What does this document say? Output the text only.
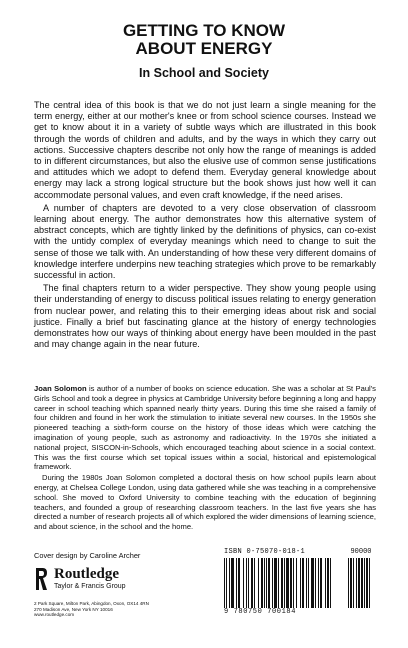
GETTING TO KNOW
ABOUT ENERGY
In School and Society

The central idea of this book is that we do not just learn a single meaning for the term energy, either at our mother's knee or from school science courses. Instead we get to know about it in a variety of subtle ways which are illustrated in this book through the words of children and adults, and by the ways in which they carry out actions. Successive chapters describe not only how the range of meanings is added to in different circumstances, but also the elusive use of common sense justifications and attitudes which we adopt to defend them. Everyday general knowledge about energy may lack a strong logical structure but the book shows just how well it can accommodate personal values, and even craft knowledge, if the need arises.

A number of chapters are devoted to a very close observation of classroom learning about energy. The author demonstrates how this alternative system of abstract concepts, which are tightly linked by the definitions of physics, can co-exist with the untidy complex of everyday meanings which need to change to suit the sense of those we talk with. An understanding of how these very different domains of knowledge interfere underpins new teaching strategies which prove to be remarkably successful in action.

The final chapters return to a wider perspective. They show young people using their understanding of energy to discuss political issues relating to energy generation from nuclear power, and relating this to their emerging ideas about risk and social justice. Finally a brief but fascinating glance at the history of energy technologies demonstrates how our ways of thinking about energy have been moulded in the past and may change again in the near future.

Joan Solomon is author of a number of books on science education. She was a scholar at St Paul's Girls School and took a degree in physics at Cambridge University before beginning a long and happy career in school teaching which spanned nearly thirty years. During this time she raised a family of four children and found in her work the stimulation to initiate several new courses. In the 1950s she pioneered teaching a sixth-form course on the history of those ideas which were catching the imagination of young people, such as astronomy and radioactivity. In the 1970s she initiated a national project, SISCON-in-Schools, which encouraged teaching about science in a social context. This was the first course which set topical issues within a social, historical and epistemological framework.

During the 1980s Joan Solomon completed a doctoral thesis on how school pupils learn about energy, at Chelsea College London, using data gathered while she was teaching in a comprehensive school. She moved to Oxford University to combine teaching with the education of beginning teachers, and founded a group of researching classroom teachers. In the last five years she has directed a number of research projects all of which explored the wider dimensions of learning science, and about science, in the school and the home.

Cover design by Caroline Archer
Routledge
Taylor & Francis Group
2 Park Square, Milton Park, Abingdon, Oxon, OX14 4RN
270 Madison Ave, New York NY 10016
www.routledge.com
ISBN 0-75070-018-1
9 780750 700184
90000
